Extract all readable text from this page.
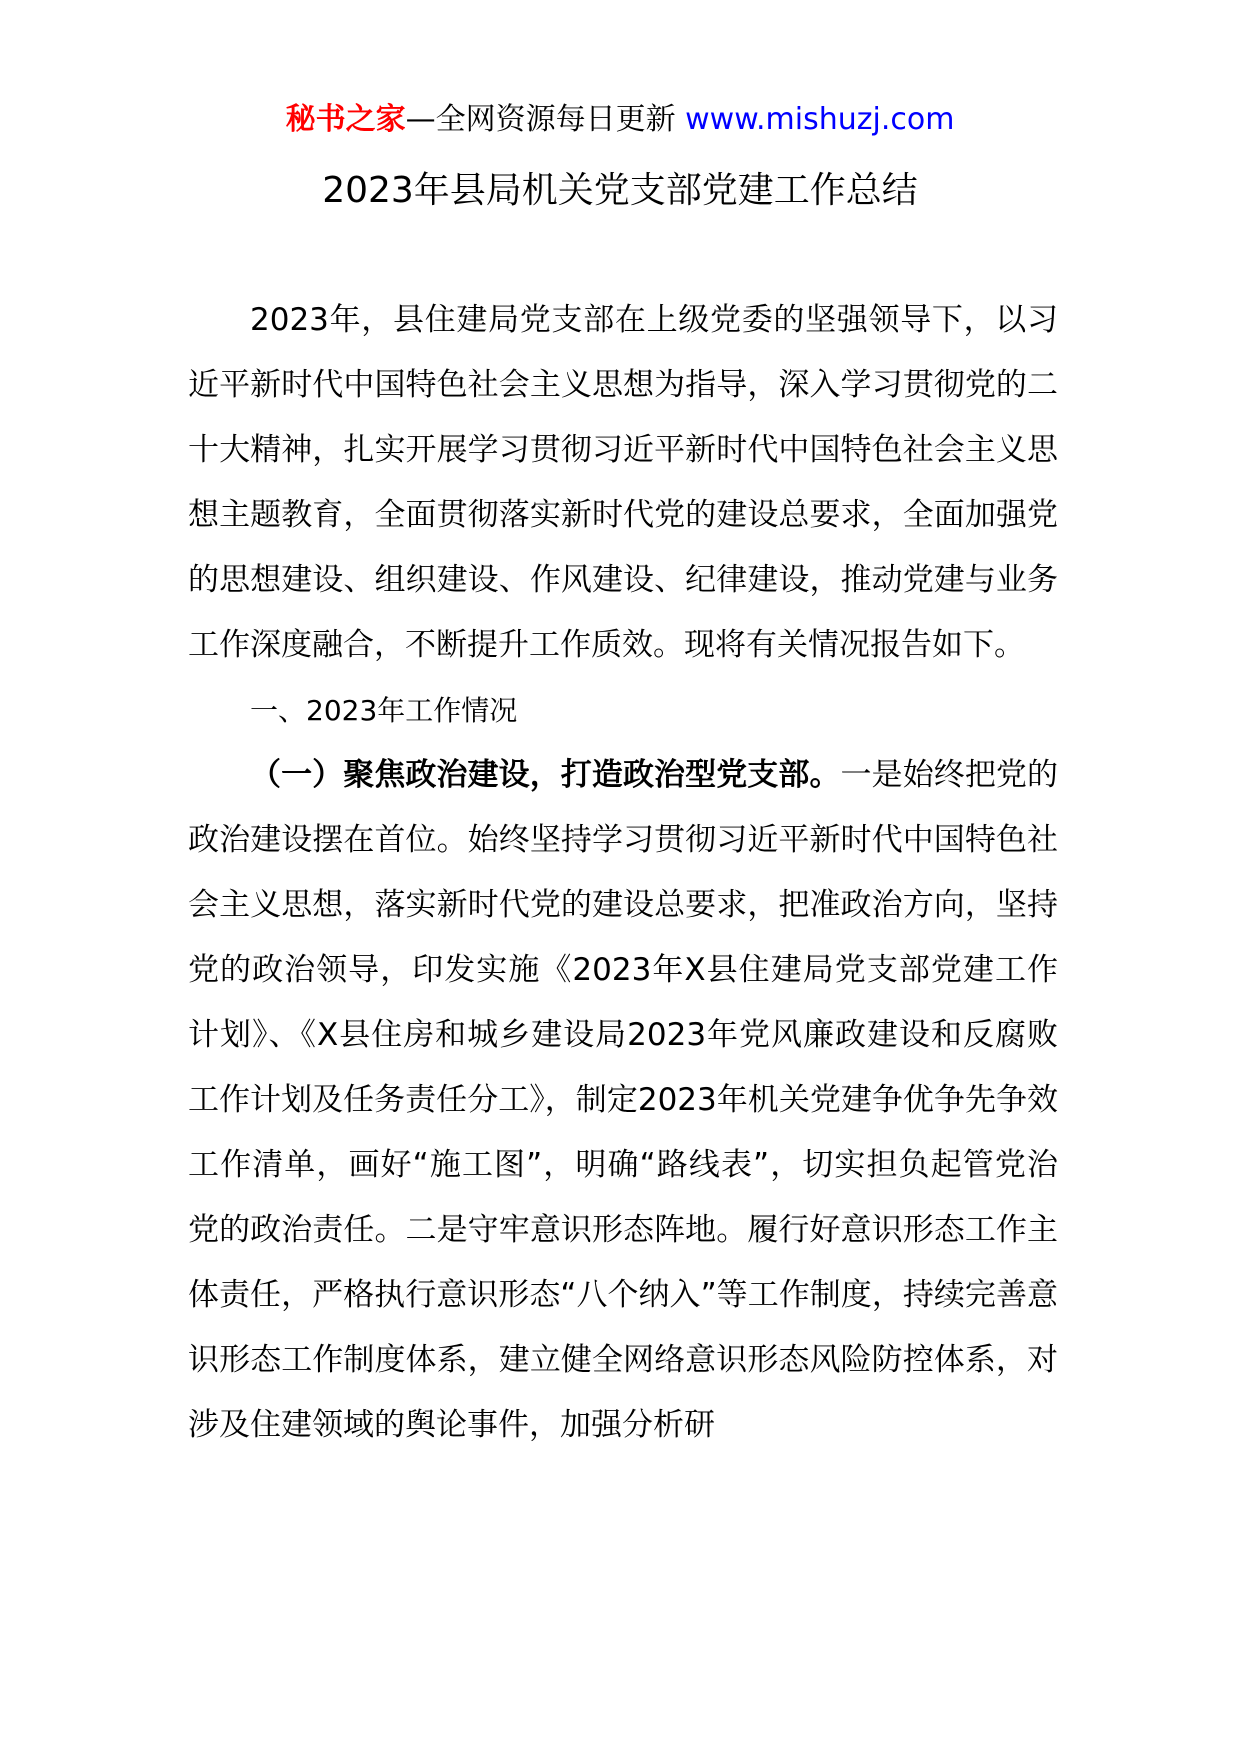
秘书之家—全网资源每日更新 www.mishuzj.com
2023年县局机关党支部党建工作总结

2023年，县住建局党支部在上级党委的坚强领导下，以习近平新时代中国特色社会主义思想为指导，深入学习贯彻党的二十大精神，扎实开展学习贯彻习近平新时代中国特色社会主义思想主题教育，全面贯彻落实新时代党的建设总要求，全面加强党的思想建设、组织建设、作风建设、纪律建设，推动党建与业务工作深度融合，不断提升工作质效。现将有关情况报告如下。

一、2023年工作情况

（一）聚焦政治建设，打造政治型党支部。一是始终把党的政治建设摆在首位。始终坚持学习贯彻习近平新时代中国特色社会主义思想，落实新时代党的建设总要求，把准政治方向，坚持党的政治领导，印发实施《2023年X县住建局党支部党建工作计划》、《X县住房和城乡建设局2023年党风廉政建设和反腐败工作计划及任务责任分工》，制定2023年机关党建争优争先争效工作清单，画好“施工图”，明确“路线表”，切实担负起管党治党的政治责任。二是守牢意识形态阵地。履行好意识形态工作主体责任，严格执行意识形态“八个纳入”等工作制度，持续完善意识形态工作制度体系，建立健全网络意识形态风险防控体系，对涉及住建领域的舆论事件，加强分析研
